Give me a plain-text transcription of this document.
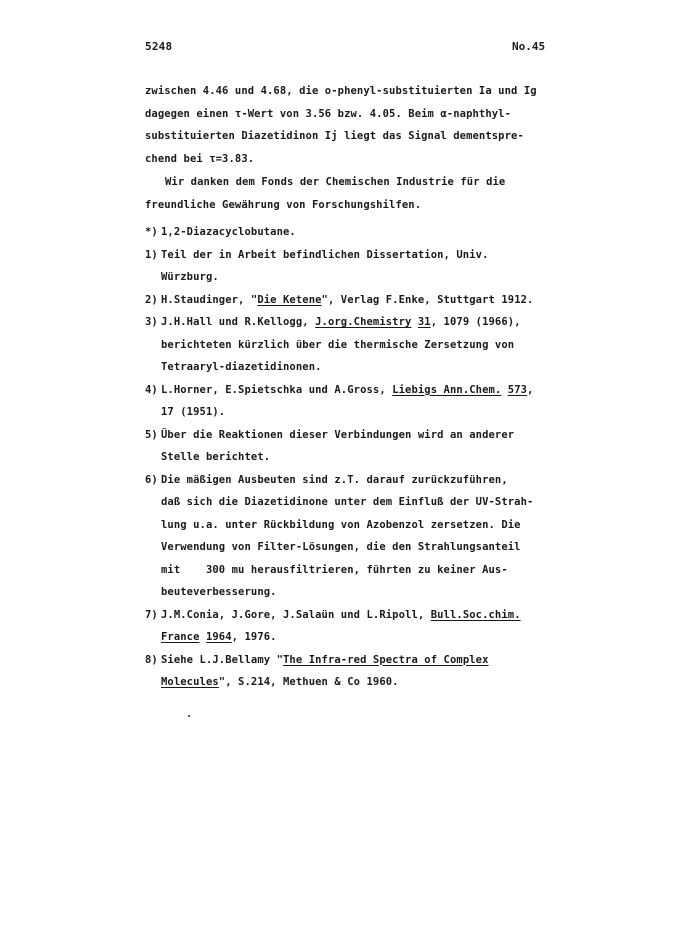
5248	No.45
zwischen 4.46 und 4.68, die o-phenyl-substituierten Ia und Ig
dagegen einen τ-Wert von 3.56 bzw. 4.05. Beim α-naphthyl-
substituierten Diazetidinon Ij liegt das Signal dementspre-
chend bei τ=3.83.
Wir danken dem Fonds der Chemischen Industrie für die
freundliche Gewährung von Forschungshilfen.
*) 1,2-Diazacyclobutane.
1) Teil der in Arbeit befindlichen Dissertation, Univ.
Würzburg.
2) H.Staudinger, "Die Ketene", Verlag F.Enke, Stuttgart 1912.
3) J.H.Hall und R.Kellogg, J.org.Chemistry 31, 1079 (1966),
berichteten kürzlich über die thermische Zersetzung von
Tetraaryl-diazetidinonen.
4) L.Horner, E.Spietschka und A.Gross, Liebigs Ann.Chem. 573,
17 (1951).
5) Über die Reaktionen dieser Verbindungen wird an anderer
Stelle berichtet.
6) Die mäßigen Ausbeuten sind z.T. darauf zurückzuführen,
daß sich die Diazetidinone unter dem Einfluß der UV-Strah-
lung u.a. unter Rückbildung von Azobenzol zersetzen. Die
Verwendung von Filter-Lösungen, die den Strahlungsanteil
mit    300 mu herausfiltrieren, führten zu keiner Aus-
beuteverbesserung.
7) J.M.Conia, J.Gore, J.Salaün und L.Ripoll, Bull.Soc.chim.
France 1964, 1976.
8) Siehe L.J.Bellamy "The Infra-red Spectra of Complex
Molecules", S.214, Methuen & Co 1960.
